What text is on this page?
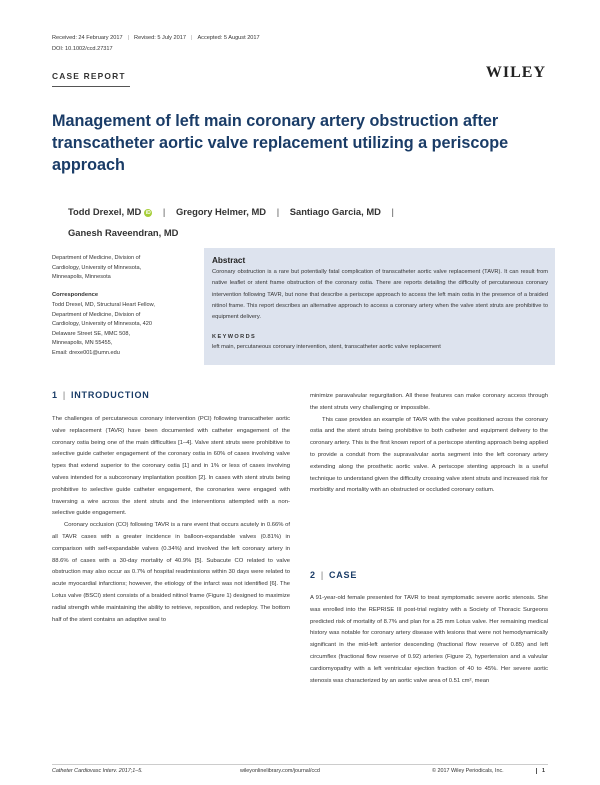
Received: 24 February 2017 | Revised: 5 July 2017 | Accepted: 5 August 2017
DOI: 10.1002/ccd.27317
CASE REPORT	WILEY
Management of left main coronary artery obstruction after transcatheter aortic valve replacement utilizing a periscope approach
Todd Drexel, MD iD | Gregory Helmer, MD | Santiago Garcia, MD |
Ganesh Raveendran, MD
Department of Medicine, Division of
Cardiology, University of Minnesota,
Minneapolis, Minnesota
Correspondence
Todd Drexel, MD, Structural Heart Fellow,
Department of Medicine, Division of
Cardiology, University of Minnesota, 420
Delaware Street SE, MMC 508,
Minneapolis, MN 55455,
Email: drexe001@umn.edu
Abstract
Coronary obstruction is a rare but potentially fatal complication of transcatheter aortic valve replacement (TAVR). It can result from native leaflet or stent frame obstruction of the coronary ostia. There are reports detailing the difficulty of percutaneous coronary intervention following TAVR, but none that describe a periscope approach to access the left main ostia in the presence of a braided nitinol frame. This report describes an alternative approach to access a coronary artery when the valve stent struts are prohibitive to equipment delivery.
KEYWORDS
left main, percutaneous coronary intervention, stent, transcatheter aortic valve replacement
1 | INTRODUCTION

The challenges of percutaneous coronary intervention (PCI) following transcatheter aortic valve replacement (TAVR) have been documented with catheter engagement of the coronary ostia being one of the main difficulties [1–4]. Valve stent struts were prohibitive to selective guide catheter engagement of the coronary ostia in 60% of cases involving valve types that extend superior to the coronary ostia [1] and in 1% or less of cases involving valves intended for a subcoronary implantation position [2]. In cases with stent struts being prohibitive to selective guide catheter engagement, the coronaries were engaged with traversing a wire across the stent struts and the interventions attempted with a non-selective guide engagement.

Coronary occlusion (CO) following TAVR is a rare event that occurs acutely in 0.66% of all TAVR cases with a greater incidence in balloon-expandable valves (0.81%) in comparison with self-expandable valves (0.34%) and involved the left coronary artery in 88.6% of cases with a 30-day mortality of 40.9% [5]. Subacute CO related to valve obstruction may also occur as 0.7% of hospital readmissions within 30 days were related to acute myocardial infarctions; however, the etiology of the infarct was not identified [6]. The Lotus valve (BSCI) stent consists of a braided nitinol frame (Figure 1) designed to maximize radial strength while maintaining the ability to retrieve, reposition, and redeploy. The bottom half of the stent contains an adaptive seal to

minimize paravalvular regurgitation. All these features can make coronary access through the stent struts very challenging or impossible.

This case provides an example of TAVR with the valve positioned across the coronary ostia and the stent struts being prohibitive to both catheter and equipment delivery to the coronary artery. This is the first known report of a periscope stenting approach being applied to provide a conduit from the supravalvular aorta segment into the left coronary artery extending along the prosthetic aortic valve. A periscope stenting approach is a useful technique to understand given the difficulty crossing valve stent struts and increased risk for morbidity and mortality with an obstructed or occluded coronary ostium.

2 | CASE

A 91-year-old female presented for TAVR to treat symptomatic severe aortic stenosis. She was enrolled into the REPRISE III post-trial registry with a Society of Thoracic Surgeons predicted risk of mortality of 8.7% and plan for a 25 mm Lotus valve. Her remaining medical history was notable for coronary artery disease with lesions that were not hemodynamically significant in the mid-left anterior descending (fractional flow reserve of 0.85) and left circumflex (fractional flow reserve of 0.92) arteries (Figure 2), hypertension and a valvular cardiomyopathy with a left ventricular ejection fraction of 40 to 45%. Her severe aortic stenosis was characterized by an aortic valve area of 0.51 cm², mean

Catheter Cardiovasc Interv. 2017;1–5.	wileyonlinelibrary.com/journal/ccd	© 2017 Wiley Periodicals, Inc.	1
